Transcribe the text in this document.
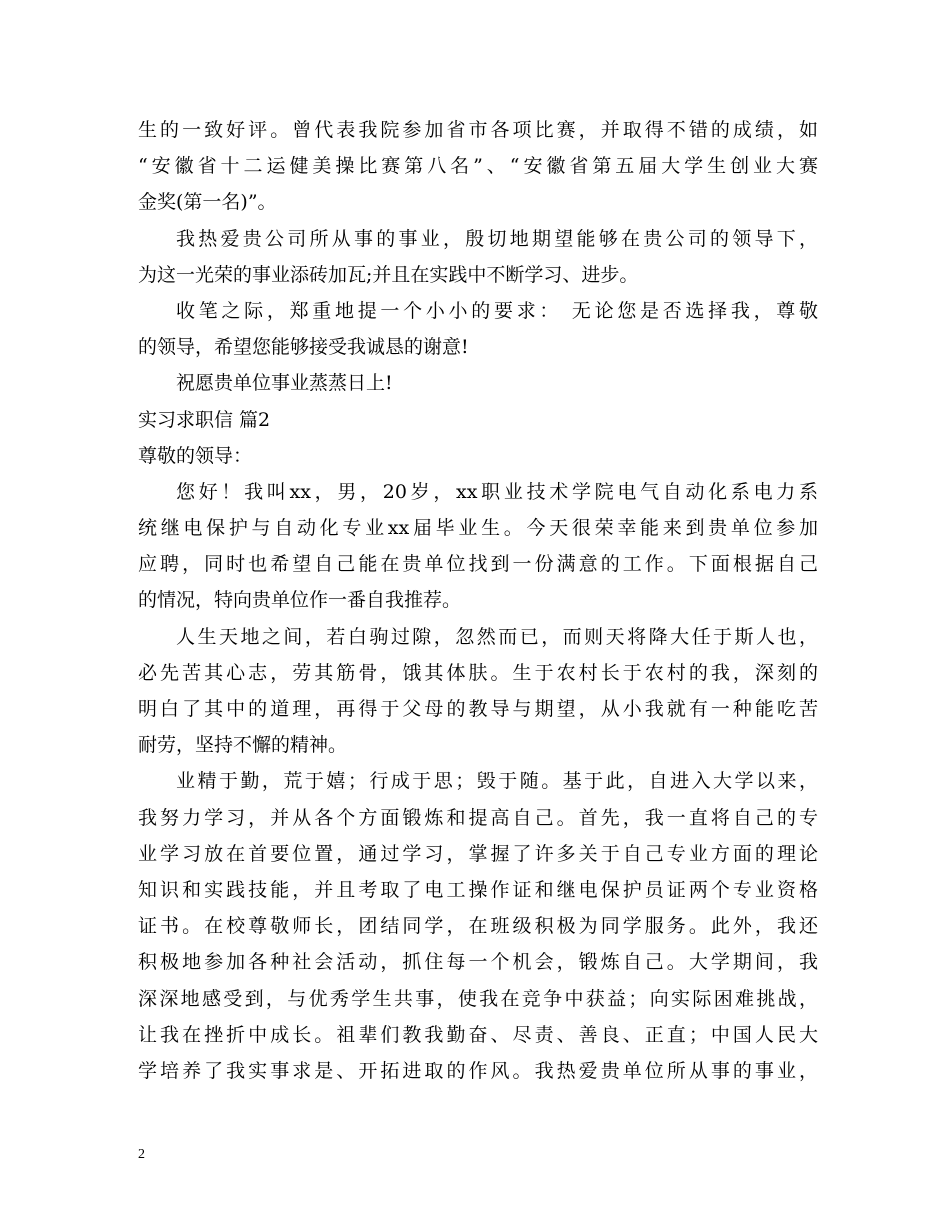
生的一致好评。曾代表我院参加省市各项比赛，并取得不错的成绩，如
“安徽省十二运健美操比赛第八名”、“安徽省第五届大学生创业大赛
金奖(第一名)”。
我热爱贵公司所从事的事业，殷切地期望能够在贵公司的领导下，
为这一光荣的事业添砖加瓦;并且在实践中不断学习、进步。
收笔之际，郑重地提一个小小的要求： 无论您是否选择我，尊敬
的领导，希望您能够接受我诚恳的谢意!
祝愿贵单位事业蒸蒸日上!
实习求职信 篇2
尊敬的领导：
您好！我叫xx，男，20岁，xx职业技术学院电气自动化系电力系
统继电保护与自动化专业xx届毕业生。今天很荣幸能来到贵单位参加
应聘，同时也希望自己能在贵单位找到一份满意的工作。下面根据自己
的情况，特向贵单位作一番自我推荐。
人生天地之间，若白驹过隙，忽然而已，而则天将降大任于斯人也，
必先苦其心志，劳其筋骨，饿其体肤。生于农村长于农村的我，深刻的
明白了其中的道理，再得于父母的教导与期望，从小我就有一种能吃苦
耐劳，坚持不懈的精神。
业精于勤，荒于嬉；行成于思；毁于随。基于此，自进入大学以来，
我努力学习，并从各个方面锻炼和提高自己。首先，我一直将自己的专
业学习放在首要位置，通过学习，掌握了许多关于自己专业方面的理论
知识和实践技能，并且考取了电工操作证和继电保护员证两个专业资格
证书。在校尊敬师长，团结同学，在班级积极为同学服务。此外，我还
积极地参加各种社会活动，抓住每一个机会，锻炼自己。大学期间，我
深深地感受到，与优秀学生共事，使我在竞争中获益；向实际困难挑战，
让我在挫折中成长。祖辈们教我勤奋、尽责、善良、正直；中国人民大
学培养了我实事求是、开拓进取的作风。我热爱贵单位所从事的事业，
2
